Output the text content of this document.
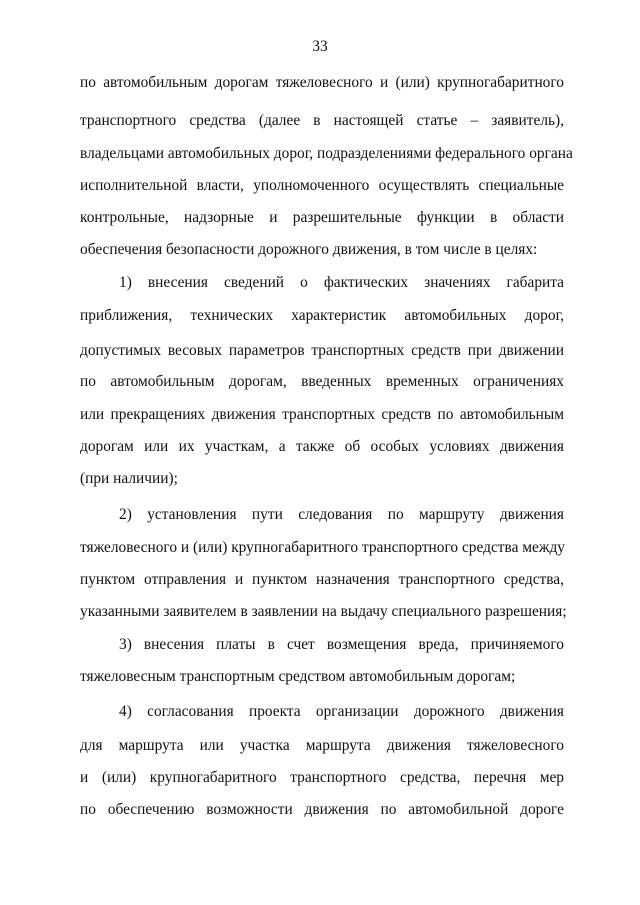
33
по автомобильным дорогам тяжеловесного и (или) крупногабаритного
транспортного средства (далее в настоящей статье – заявитель),
владельцами автомобильных дорог, подразделениями федерального органа
исполнительной власти, уполномоченного осуществлять специальные
контрольные, надзорные и разрешительные функции в области
обеспечения безопасности дорожного движения, в том числе в целях:
1) внесения сведений о фактических значениях габарита
приближения, технических характеристик автомобильных дорог,
допустимых весовых параметров транспортных средств при движении
по автомобильным дорогам, введенных временных ограничениях
или прекращениях движения транспортных средств по автомобильным
дорогам или их участкам, а также об особых условиях движения
(при наличии);
2) установления пути следования по маршруту движения
тяжеловесного и (или) крупногабаритного транспортного средства между
пунктом отправления и пунктом назначения транспортного средства,
указанными заявителем в заявлении на выдачу специального разрешения;
3) внесения платы в счет возмещения вреда, причиняемого
тяжеловесным транспортным средством автомобильным дорогам;
4) согласования проекта организации дорожного движения
для маршрута или участка маршрута движения тяжеловесного
и (или) крупногабаритного транспортного средства, перечня мер
по обеспечению возможности движения по автомобильной дороге
